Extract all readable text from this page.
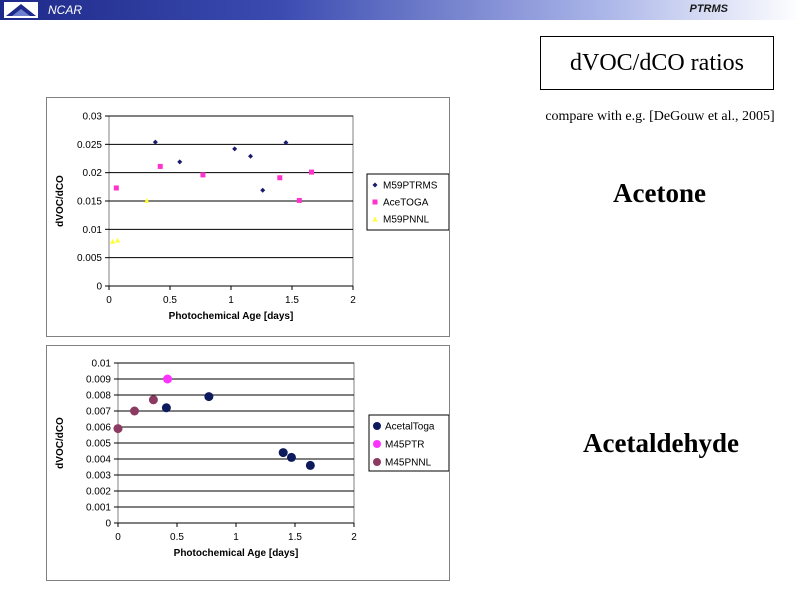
NCAR	PTRMS
dVOC/dCO ratios
compare with e.g. [DeGouw et al., 2005]
Acetone
Acetaldehyde
0
0.005
0.01
0.015
0.02
0.025
0.03
0	0.5	1	1.5	2
Photochemical Age [days]
dVOC/dCO	M59PTRMS
AceTOGA
M59PNNL
0
0.001
0.002
0.003
0.004
0.005
0.006
0.007
0.008
0.009
0.01
0	0.5	1	1.5	2
Photochemical Age [days]
dVOC/dCO	AcetalToga
M45PTR
M45PNNL
